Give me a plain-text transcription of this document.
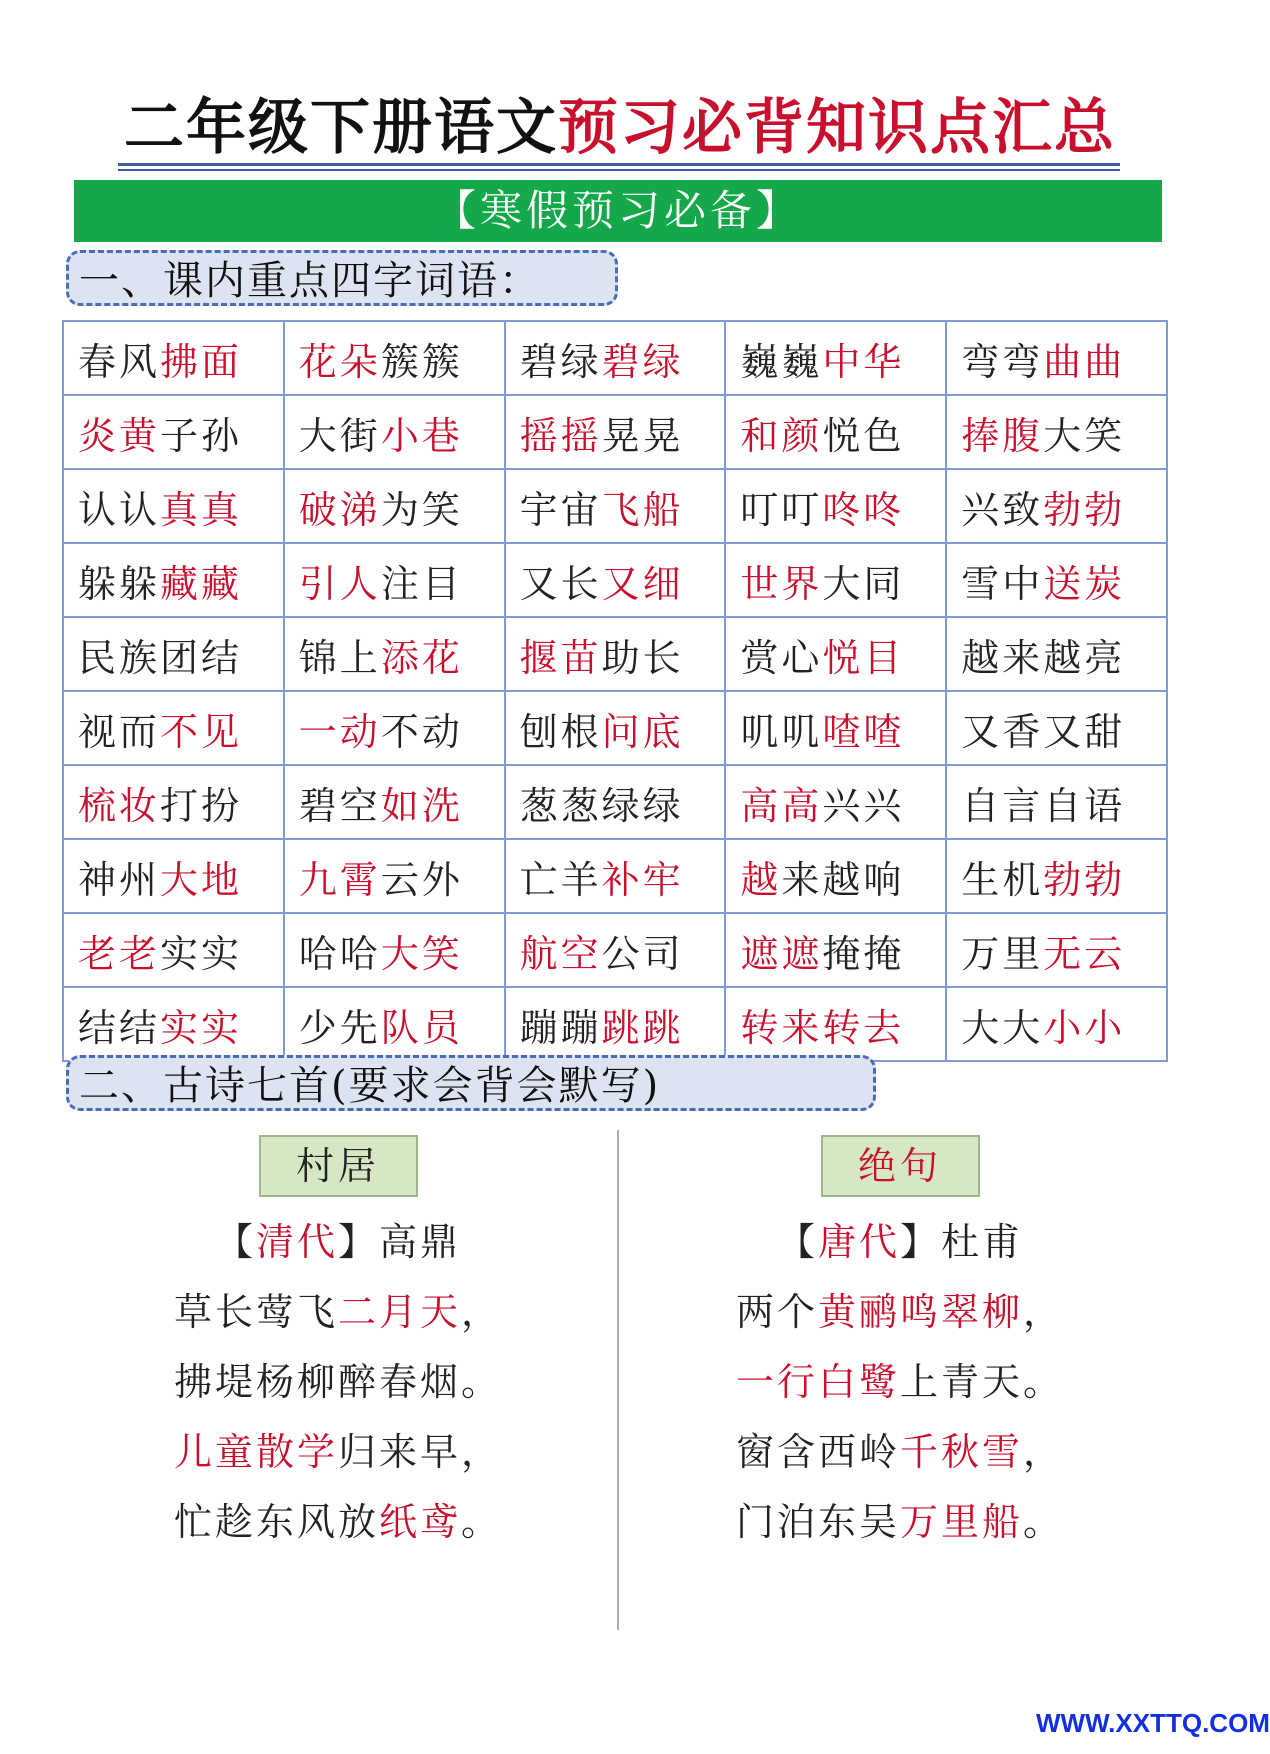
二年级下册语文预习必背知识点汇总
【寒假预习必备】
一、课内重点四字词语：
春风拂面	花朵簇簇	碧绿碧绿	巍巍中华	弯弯曲曲
炎黄子孙	大街小巷	摇摇晃晃	和颜悦色	捧腹大笑
认认真真	破涕为笑	宇宙飞船	叮叮咚咚	兴致勃勃
躲躲藏藏	引人注目	又长又细	世界大同	雪中送炭
民族团结	锦上添花	揠苗助长	赏心悦目	越来越亮
视而不见	一动不动	刨根问底	叽叽喳喳	又香又甜
梳妆打扮	碧空如洗	葱葱绿绿	高高兴兴	自言自语
神州大地	九霄云外	亡羊补牢	越来越响	生机勃勃
老老实实	哈哈大笑	航空公司	遮遮掩掩	万里无云
结结实实	少先队员	蹦蹦跳跳	转来转去	大大小小
二、古诗七首(要求会背会默写)
村居
【清代】高鼎
草长莺飞二月天，
拂堤杨柳醉春烟。
儿童散学归来早，
忙趁东风放纸鸢。
绝句
【唐代】杜甫
两个黄鹂鸣翠柳，
一行白鹭上青天。
窗含西岭千秋雪，
门泊东吴万里船。
WWW.XXTTQ.COM
